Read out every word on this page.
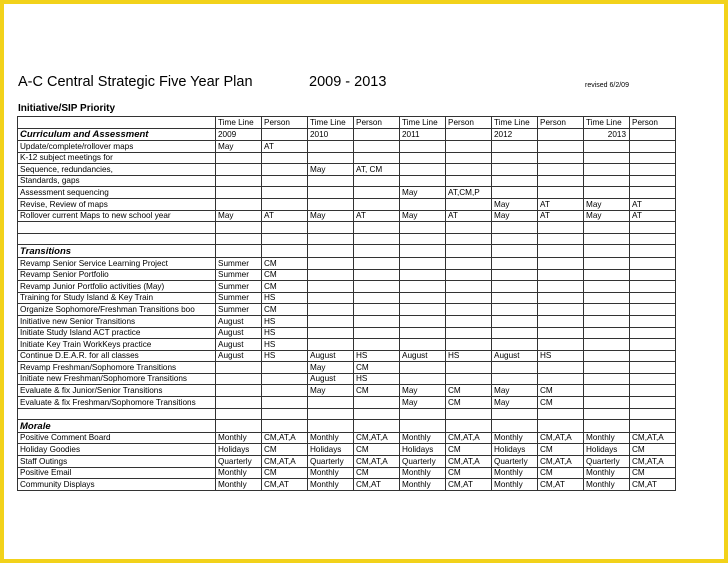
A-C Central Strategic Five Year Plan	2009 - 2013	revised 6/2/09
Initiative/SIP Priority
	Time Line	Person	Time Line	Person	Time Line	Person	Time Line	Person	Time Line	Person
Curriculum and Assessment	2009		2010		2011		2012		2013	
Update/complete/rollover maps	May	AT								
K-12 subject meetings for										
Sequence, redundancies,			May	AT, CM						
Standards, gaps										
Assessment sequencing					May	AT,CM,P				
Revise, Review of maps							May	AT	May	AT
Rollover current Maps to new school year	May	AT	May	AT	May	AT	May	AT	May	AT

Transitions										
Revamp Senior Service Learning Project	Summer	CM								
Revamp Senior Portfolio	Summer	CM								
Revamp Junior Portfolio activities (May)	Summer	CM								
Training for Study Island & Key Train	Summer	HS								
Organize Sophomore/Freshman Transitions boo	Summer	CM								
Initiative new Senior Transitions	August	HS								
Initiate Study Island ACT practice	August	HS								
Initiate Key Train WorkKeys practice	August	HS								
Continue D.E.A.R. for all classes	August	HS	August	HS	August	HS	August	HS		
Revamp Freshman/Sophomore Transitions			May	CM						
Initiate new Freshman/Sophomore Transitions			August	HS						
Evaluate & fix Junior/Senior Transitions			May	CM	May	CM	May	CM		
Evaluate & fix Freshman/Sophomore Transitions					May	CM	May	CM		

Morale										
Positive Comment Board	Monthly	CM,AT,A	Monthly	CM,AT,A	Monthly	CM,AT,A	Monthly	CM,AT,A	Monthly	CM,AT,A
Holiday Goodies	Holidays	CM	Holidays	CM	Holidays	CM	Holidays	CM	Holidays	CM
Staff Outings	Quarterly	CM,AT,A	Quarterly	CM,AT,A	Quarterly	CM,AT,A	Quarterly	CM,AT,A	Quarterly	CM,AT,A
Positive Email	Monthly	CM	Monthly	CM	Monthly	CM	Monthly	CM	Monthly	CM
Community Displays	Monthly	CM,AT	Monthly	CM,AT	Monthly	CM,AT	Monthly	CM,AT	Monthly	CM,AT
